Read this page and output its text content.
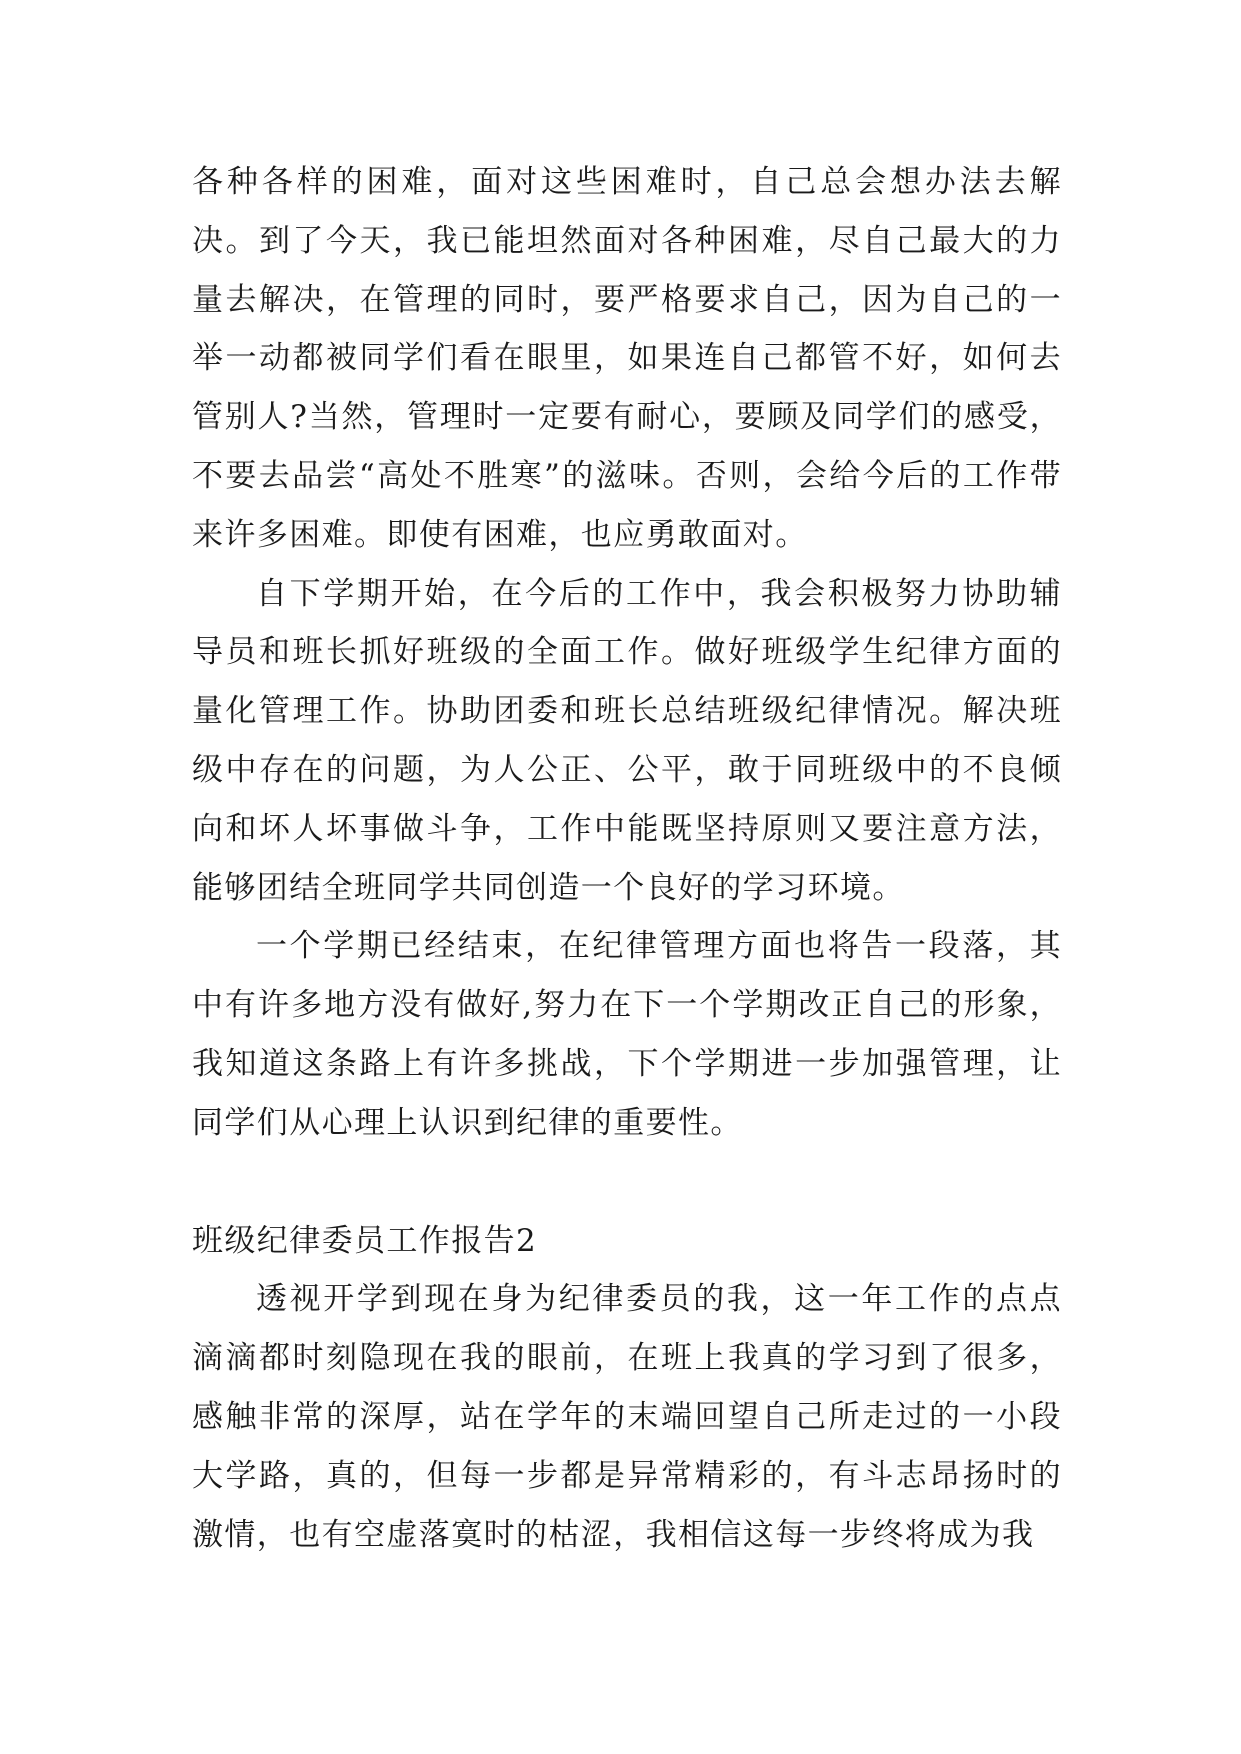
各种各样的困难，面对这些困难时，自己总会想办法去解决。到了今天，我已能坦然面对各种困难，尽自己最大的力量去解决，在管理的同时，要严格要求自己，因为自己的一举一动都被同学们看在眼里，如果连自己都管不好，如何去管别人?当然，管理时一定要有耐心，要顾及同学们的感受，不要去品尝“高处不胜寒”的滋味。否则，会给今后的工作带来许多困难。即使有困难，也应勇敢面对。

自下学期开始，在今后的工作中，我会积极努力协助辅导员和班长抓好班级的全面工作。做好班级学生纪律方面的量化管理工作。协助团委和班长总结班级纪律情况。解决班级中存在的问题，为人公正、公平，敢于同班级中的不良倾向和坏人坏事做斗争，工作中能既坚持原则又要注意方法，能够团结全班同学共同创造一个良好的学习环境。

一个学期已经结束，在纪律管理方面也将告一段落，其中有许多地方没有做好,努力在下一个学期改正自己的形象，我知道这条路上有许多挑战，下个学期进一步加强管理，让同学们从心理上认识到纪律的重要性。

班级纪律委员工作报告2

透视开学到现在身为纪律委员的我，这一年工作的点点滴滴都时刻隐现在我的眼前，在班上我真的学习到了很多，感触非常的深厚，站在学年的末端回望自己所走过的一小段大学路，真的，但每一步都是异常精彩的，有斗志昂扬时的激情，也有空虚落寞时的枯涩，我相信这每一步终将成为我
